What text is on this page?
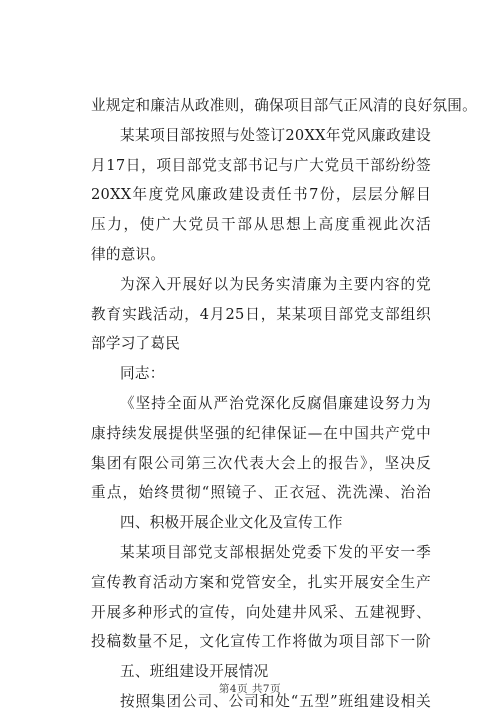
业规定和廉洁从政准则，确保项目部气正风清的良好氛围。
某某项目部按照与处签订20XX年党风廉政建设
月17日，项目部党支部书记与广大党员干部纷纷签
20XX年度党风廉政建设责任书7份，层层分解目
压力，使广大党员干部从思想上高度重视此次活
律的意识。
为深入开展好以为民务实清廉为主要内容的党
教育实践活动，4月25日，某某项目部党支部组织
部学习了葛民
同志：
《坚持全面从严治党深化反腐倡廉建设努力为
康持续发展提供坚强的纪律保证—在中国共产党中
集团有限公司第三次代表大会上的报告》，坚决反
重点，始终贯彻“照镜子、正衣冠、洗洗澡、治治
四、积极开展企业文化及宣传工作
某某项目部党支部根据处党委下发的平安一季
宣传教育活动方案和党管安全，扎实开展安全生产
开展多种形式的宣传，向处建井风采、五建视野、
投稿数量不足，文化宣传工作将做为项目部下一阶
五、班组建设开展情况
按照集团公司、公司和处“五型”班组建设相关
第4页 共7页
